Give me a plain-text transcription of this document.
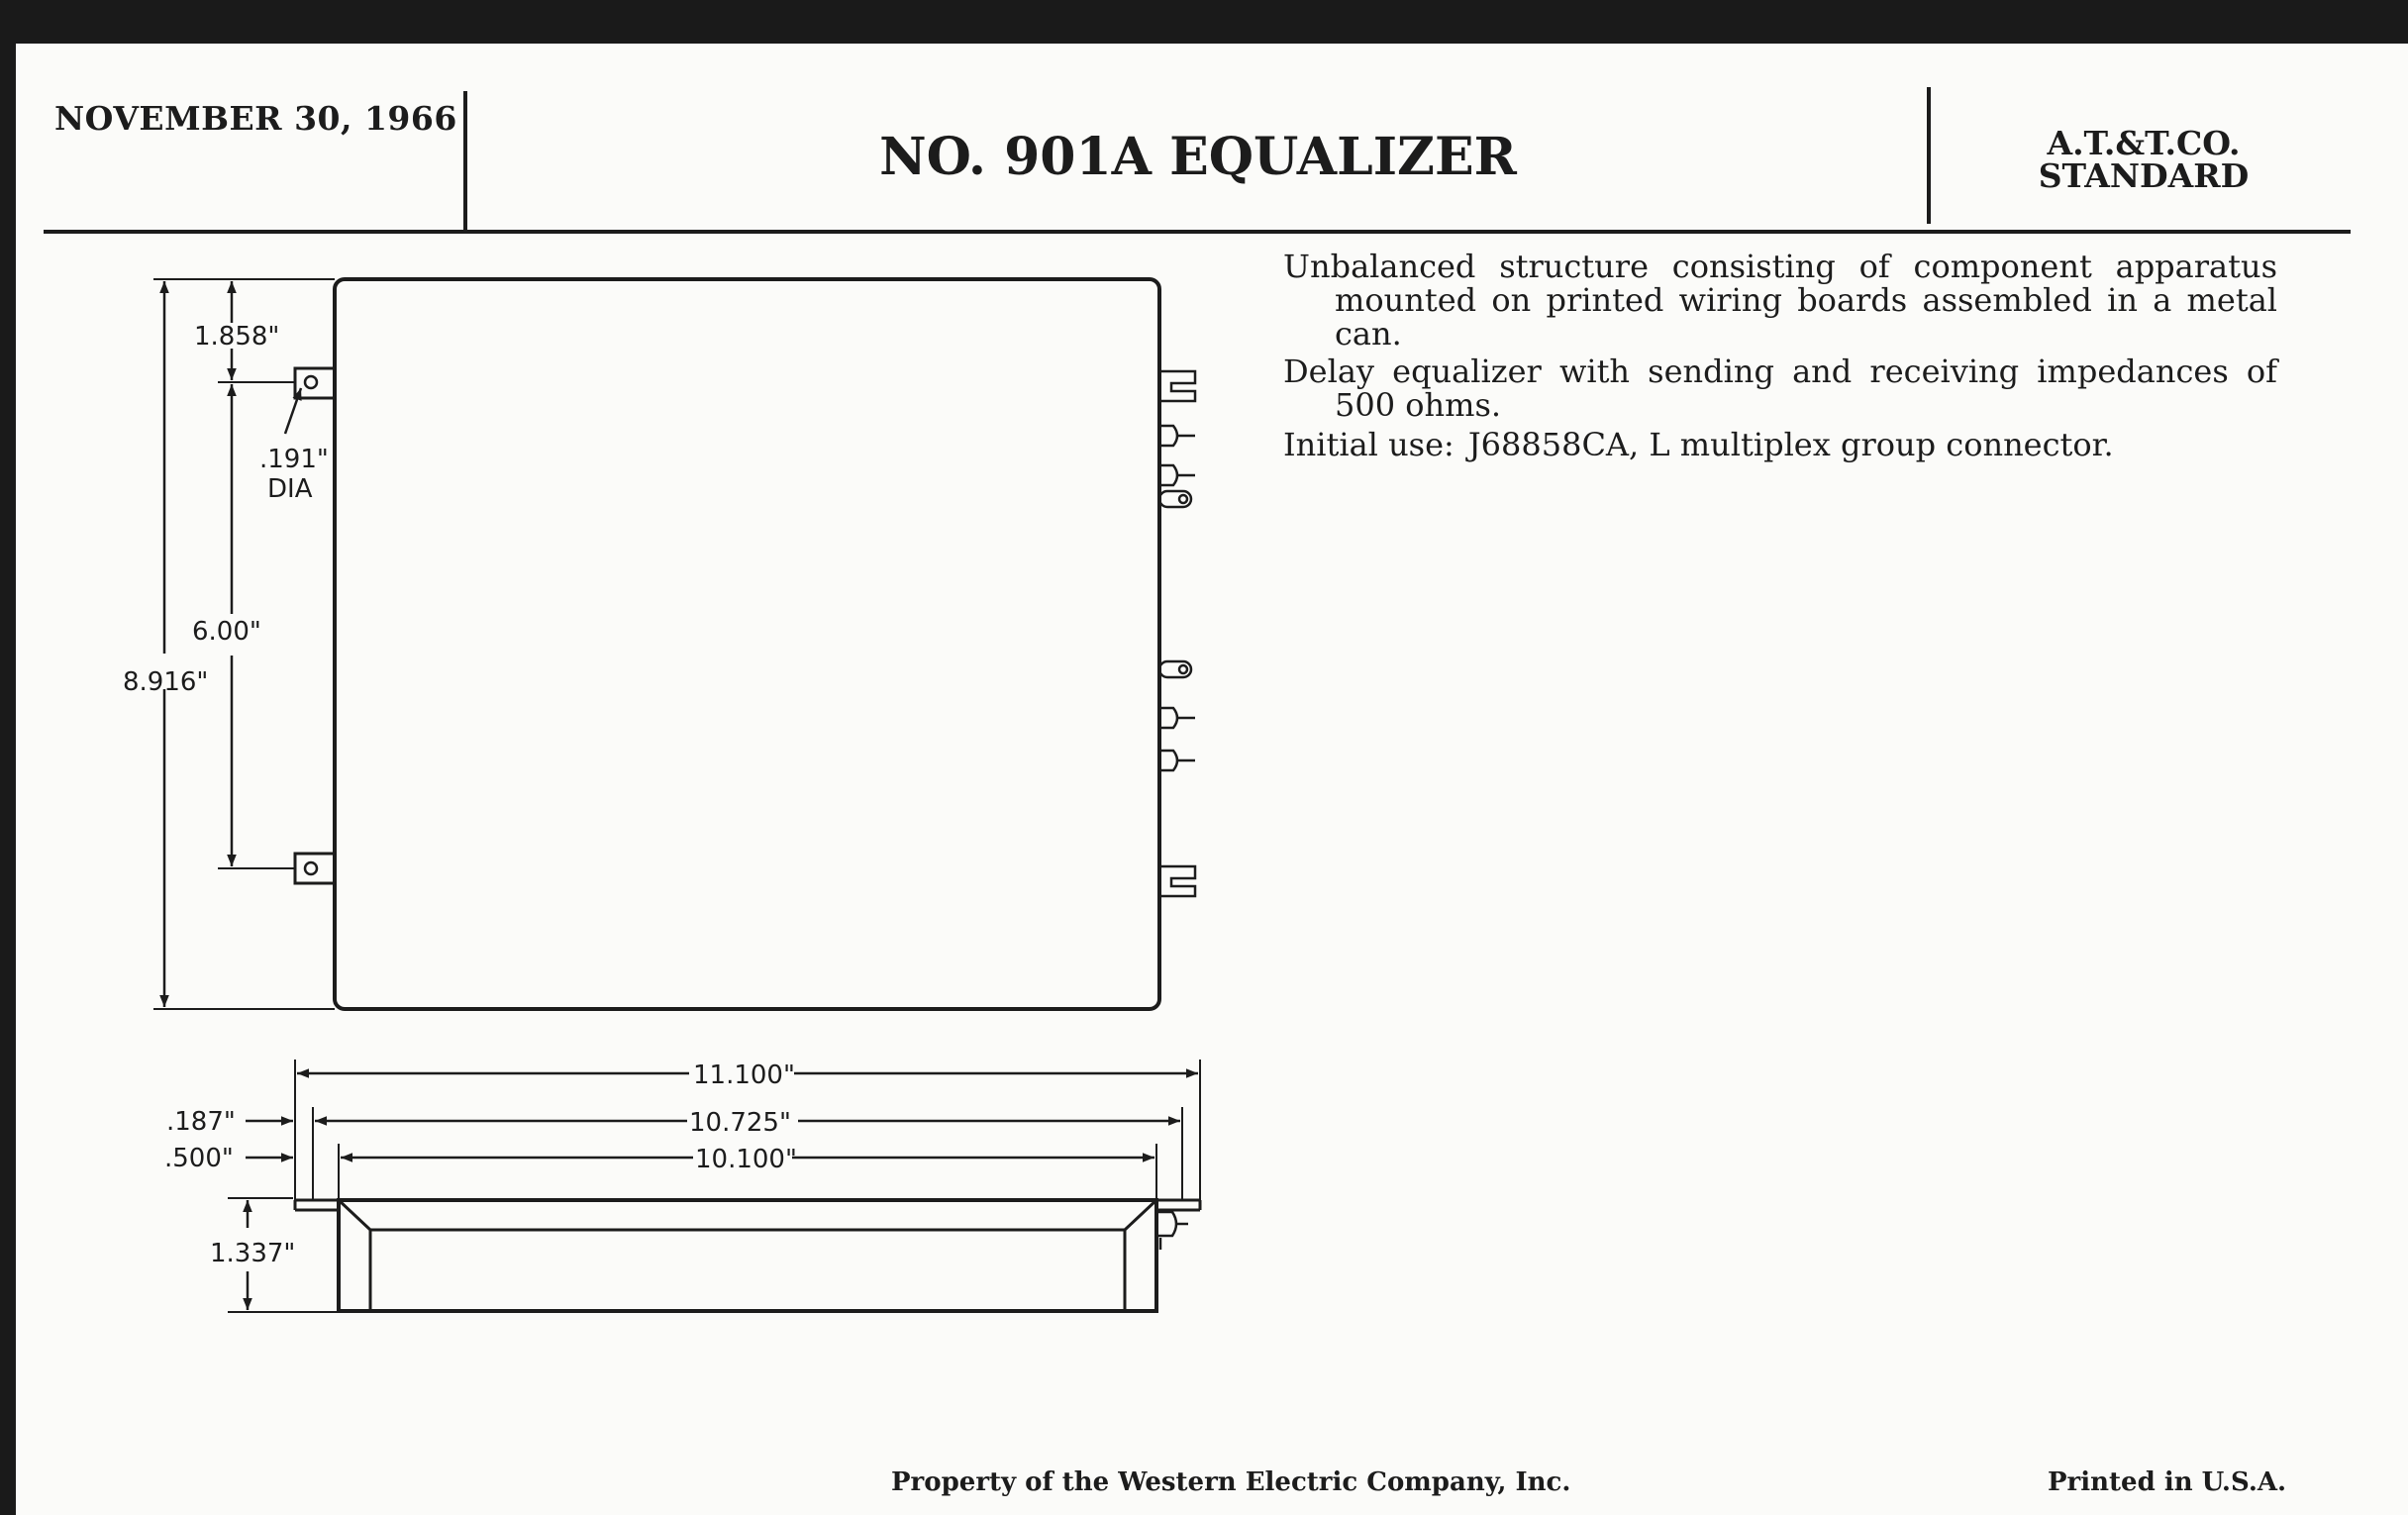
8.916"
1.858"
.191"
DIA
6.00"
11.100"
10.725"
10.100"
.187"
.500"
1.337"
NOVEMBER 30, 1966
NO. 901A EQUALIZER	A.T.&T.CO.
STANDARD

Unbalanced structure consisting of component apparatus mounted on printed wiring boards assembled in a metal can.

Delay equalizer with sending and receiving impedances of 500 ohms.

Initial use: J68858CA, L multiplex group connector.

Property of the Western Electric Company, Inc.	Printed in U.S.A.
